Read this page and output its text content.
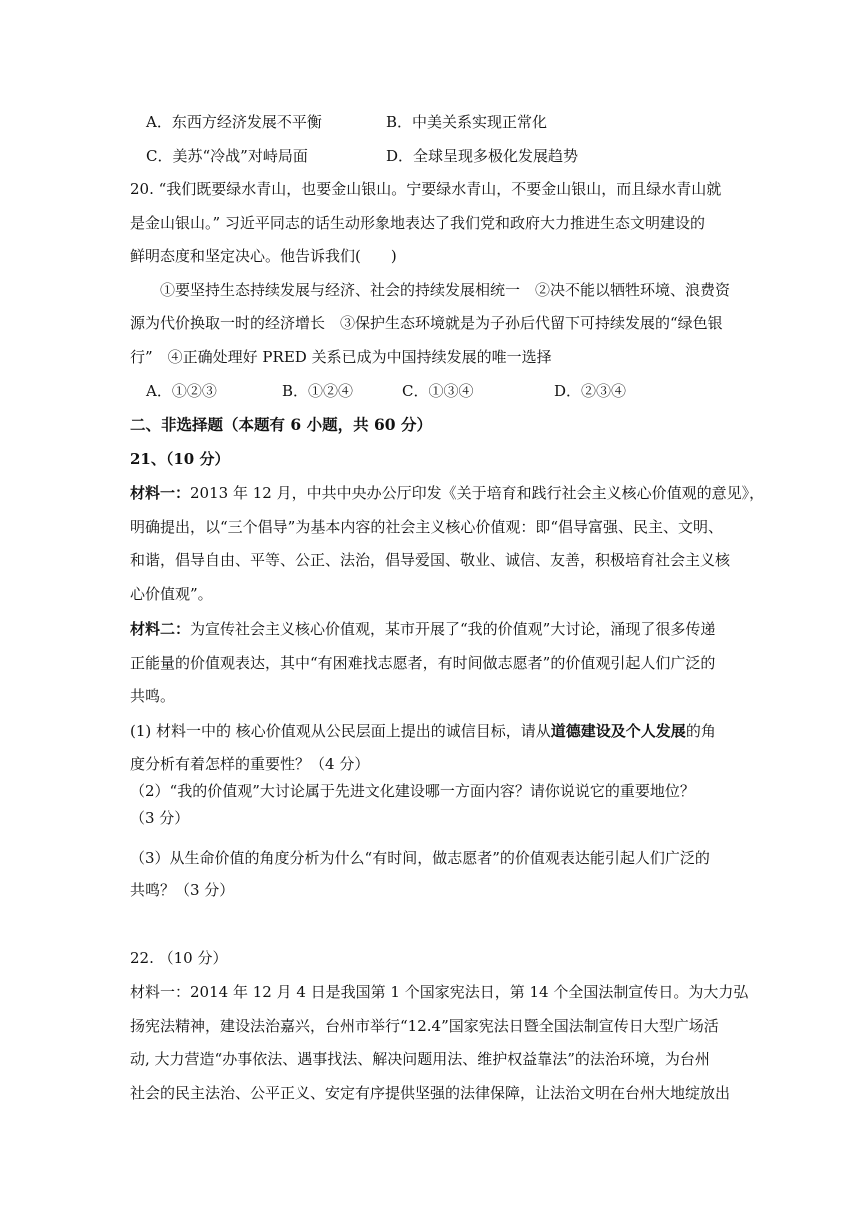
A．东西方经济发展不平衡	B．中美关系实现正常化
C．美苏“冷战”对峙局面	D．全球呈现多极化发展趋势
20. “我们既要绿水青山，也要金山银山。宁要绿水青山，不要金山银山，而且绿水青山就
是金山银山。” 习近平同志的话生动形象地表达了我们党和政府大力推进生态文明建设的
鲜明态度和坚定决心。他告诉我们(　　)
①要坚持生态持续发展与经济、社会的持续发展相统一　②决不能以牺牲环境、浪费资
源为代价换取一时的经济增长　③保护生态环境就是为子孙后代留下可持续发展的“绿色银
行”　④正确处理好 PRED 关系已成为中国持续发展的唯一选择
A．①②③	B．①②④	C．①③④	D．②③④
二、非选择题（本题有 6 小题，共 60 分）
21、（10 分）
材料一：2013 年 12 月，中共中央办公厅印发《关于培育和践行社会主义核心价值观的意见》，
明确提出，以“三个倡导”为基本内容的社会主义核心价值观：即“倡导富强、民主、文明、
和谐，倡导自由、平等、公正、法治，倡导爱国、敬业、诚信、友善，积极培育社会主义核
心价值观”。
材料二：为宣传社会主义核心价值观，某市开展了“我的价值观”大讨论，涌现了很多传递
正能量的价值观表达，其中“有困难找志愿者，有时间做志愿者”的价值观引起人们广泛的
共鸣。
(1) 材料一中的 核心价值观从公民层面上提出的诚信目标，请从道德建设及个人发展的角
度分析有着怎样的重要性？（4 分）
（2）“我的价值观”大讨论属于先进文化建设哪一方面内容？请你说说它的重要地位？
（3 分）
（3）从生命价值的角度分析为什么“有时间，做志愿者”的价值观表达能引起人们广泛的
共鸣？（3 分）
22. （10 分）
材料一：2014 年 12 月 4 日是我国第 1 个国家宪法日，第 14 个全国法制宣传日。为大力弘
扬宪法精神，建设法治嘉兴，台州市举行“12.4”国家宪法日暨全国法制宣传日大型广场活
动, 大力营造“办事依法、遇事找法、解决问题用法、维护权益靠法”的法治环境，为台州
社会的民主法治、公平正义、安定有序提供坚强的法律保障，让法治文明在台州大地绽放出
